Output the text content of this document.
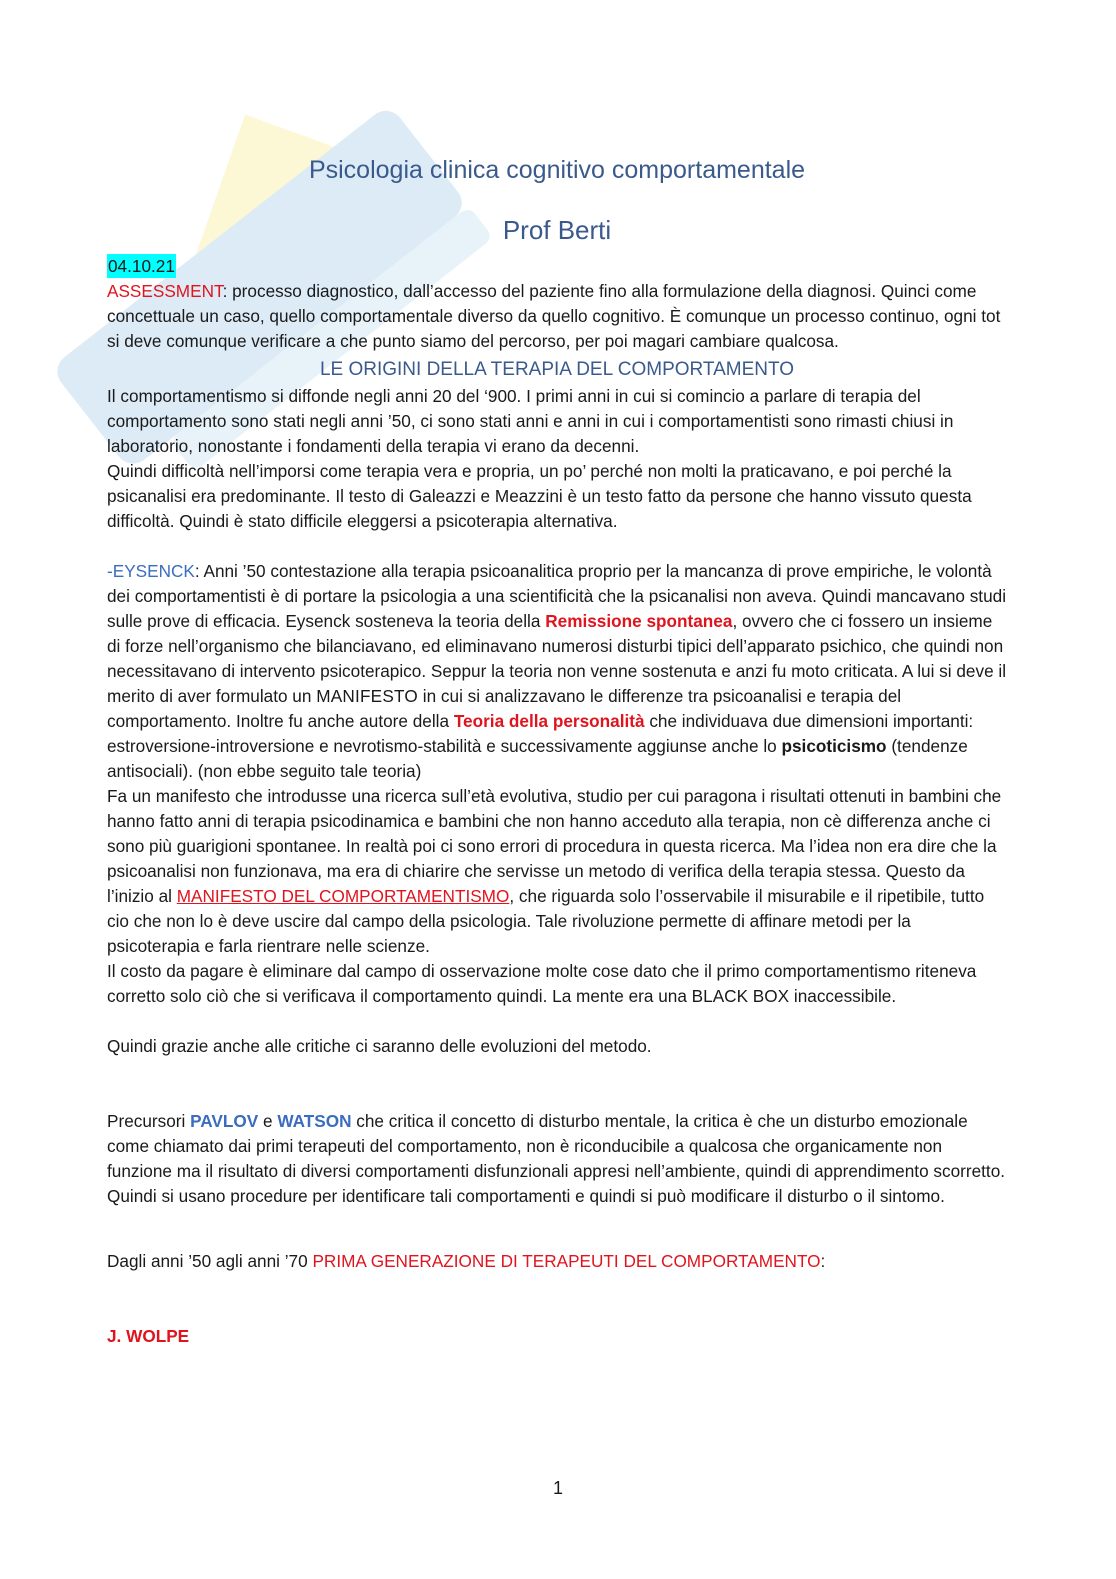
Psicologia clinica cognitivo comportamentale
Prof Berti
04.10.21

ASSESSMENT: processo diagnostico, dall’accesso del paziente fino alla formulazione della diagnosi. Quinci come concettuale un caso, quello comportamentale diverso da quello cognitivo. È comunque un processo continuo, ogni tot si deve comunque verificare a che punto siamo del percorso, per poi magari cambiare qualcosa.

LE ORIGINI DELLA TERAPIA DEL COMPORTAMENTO

Il comportamentismo si diffonde negli anni 20 del ‘900. I primi anni in cui si comincio a parlare di terapia del comportamento sono stati negli anni ’50, ci sono stati anni e anni in cui i comportamentisti sono rimasti chiusi in laboratorio, nonostante i fondamenti della terapia vi erano da decenni.

Quindi difficoltà nell’imporsi come terapia vera e propria, un po’ perché non molti la praticavano, e poi perché la psicanalisi era predominante. Il testo di Galeazzi e Meazzini è un testo fatto da persone che hanno vissuto questa difficoltà. Quindi è stato difficile eleggersi a psicoterapia alternativa.

-EYSENCK: Anni ’50 contestazione alla terapia psicoanalitica proprio per la mancanza di prove empiriche, le volontà dei comportamentisti è di portare la psicologia a una scientificità che la psicanalisi non aveva. Quindi mancavano studi sulle prove di efficacia. Eysenck sosteneva la teoria della Remissione spontanea, ovvero che ci fossero un insieme di forze nell’organismo che bilanciavano, ed eliminavano numerosi disturbi tipici dell’apparato psichico, che quindi non necessitavano di intervento psicoterapico. Seppur la teoria non venne sostenuta e anzi fu moto criticata. A lui si deve il merito di aver formulato un MANIFESTO in cui si analizzavano le differenze tra psicoanalisi e terapia del comportamento. Inoltre fu anche autore della Teoria della personalità che individuava due dimensioni importanti: estroversione-introversione e nevrotismo-stabilità e successivamente aggiunse anche lo psicoticismo (tendenze antisociali). (non ebbe seguito tale teoria)

Fa un manifesto che introdusse una ricerca sull’età evolutiva, studio per cui paragona i risultati ottenuti in bambini che hanno fatto anni di terapia psicodinamica e bambini che non hanno acceduto alla terapia, non cè differenza anche ci sono più guarigioni spontanee. In realtà poi ci sono errori di procedura in questa ricerca. Ma l’idea non era dire che la psicoanalisi non funzionava, ma era di chiarire che servisse un metodo di verifica della terapia stessa. Questo da l’inizio al MANIFESTO DEL COMPORTAMENTISMO, che riguarda solo l’osservabile il misurabile e il ripetibile, tutto cio che non lo è deve uscire dal campo della psicologia. Tale rivoluzione permette di affinare metodi per la psicoterapia e farla rientrare nelle scienze.

Il costo da pagare è eliminare dal campo di osservazione molte cose dato che il primo comportamentismo riteneva corretto solo ciò che si verificava il comportamento quindi. La mente era una BLACK BOX inaccessibile.

Quindi grazie anche alle critiche ci saranno delle evoluzioni del metodo.

Precursori PAVLOV e WATSON che critica il concetto di disturbo mentale, la critica è che un disturbo emozionale come chiamato dai primi terapeuti del comportamento, non è riconducibile a qualcosa che organicamente non funzione ma il risultato di diversi comportamenti disfunzionali appresi nell’ambiente, quindi di apprendimento scorretto. Quindi si usano procedure per identificare tali comportamenti e quindi si può modificare il disturbo o il sintomo.

Dagli anni ’50 agli anni ’70 PRIMA GENERAZIONE DI TERAPEUTI DEL COMPORTAMENTO:

J. WOLPE

1
